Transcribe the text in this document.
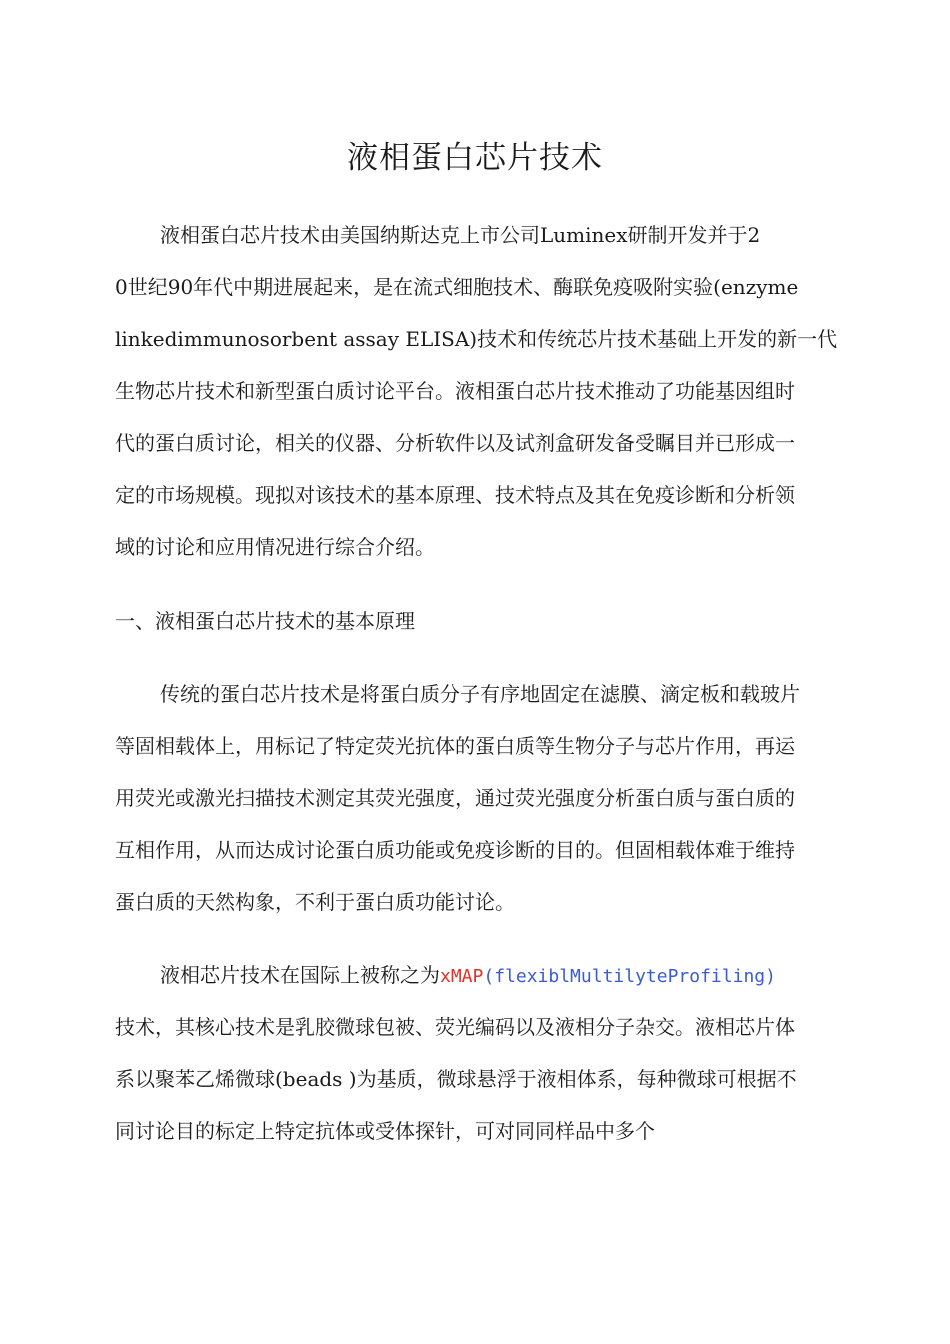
液相蛋白芯片技术
液相蛋白芯片技术由美国纳斯达克上市公司Luminex研制开发并于2
0世纪90年代中期进展起来，是在流式细胞技术、酶联免疫吸附实验(enzyme
linkedimmunosorbent assay ELISA)技术和传统芯片技术基础上开发的新一代
生物芯片技术和新型蛋白质讨论平台。液相蛋白芯片技术推动了功能基因组时
代的蛋白质讨论，相关的仪器、分析软件以及试剂盒研发备受瞩目并已形成一
定的市场规模。现拟对该技术的基本原理、技术特点及其在免疫诊断和分析领
域的讨论和应用情况进行综合介绍。
一、液相蛋白芯片技术的基本原理
传统的蛋白芯片技术是将蛋白质分子有序地固定在滤膜、滴定板和载玻片
等固相载体上，用标记了特定荧光抗体的蛋白质等生物分子与芯片作用，再运
用荧光或激光扫描技术测定其荧光强度，通过荧光强度分析蛋白质与蛋白质的
互相作用，从而达成讨论蛋白质功能或免疫诊断的目的。但固相载体难于维持
蛋白质的天然构象，不利于蛋白质功能讨论。
液相芯片技术在国际上被称之为xMAP(flexiblMultilyteProfiling)
技术，其核心技术是乳胶微球包被、荧光编码以及液相分子杂交。液相芯片体
系以聚苯乙烯微球(beads )为基质，微球悬浮于液相体系，每种微球可根据不
同讨论目的标定上特定抗体或受体探针，可对同同样品中多个
